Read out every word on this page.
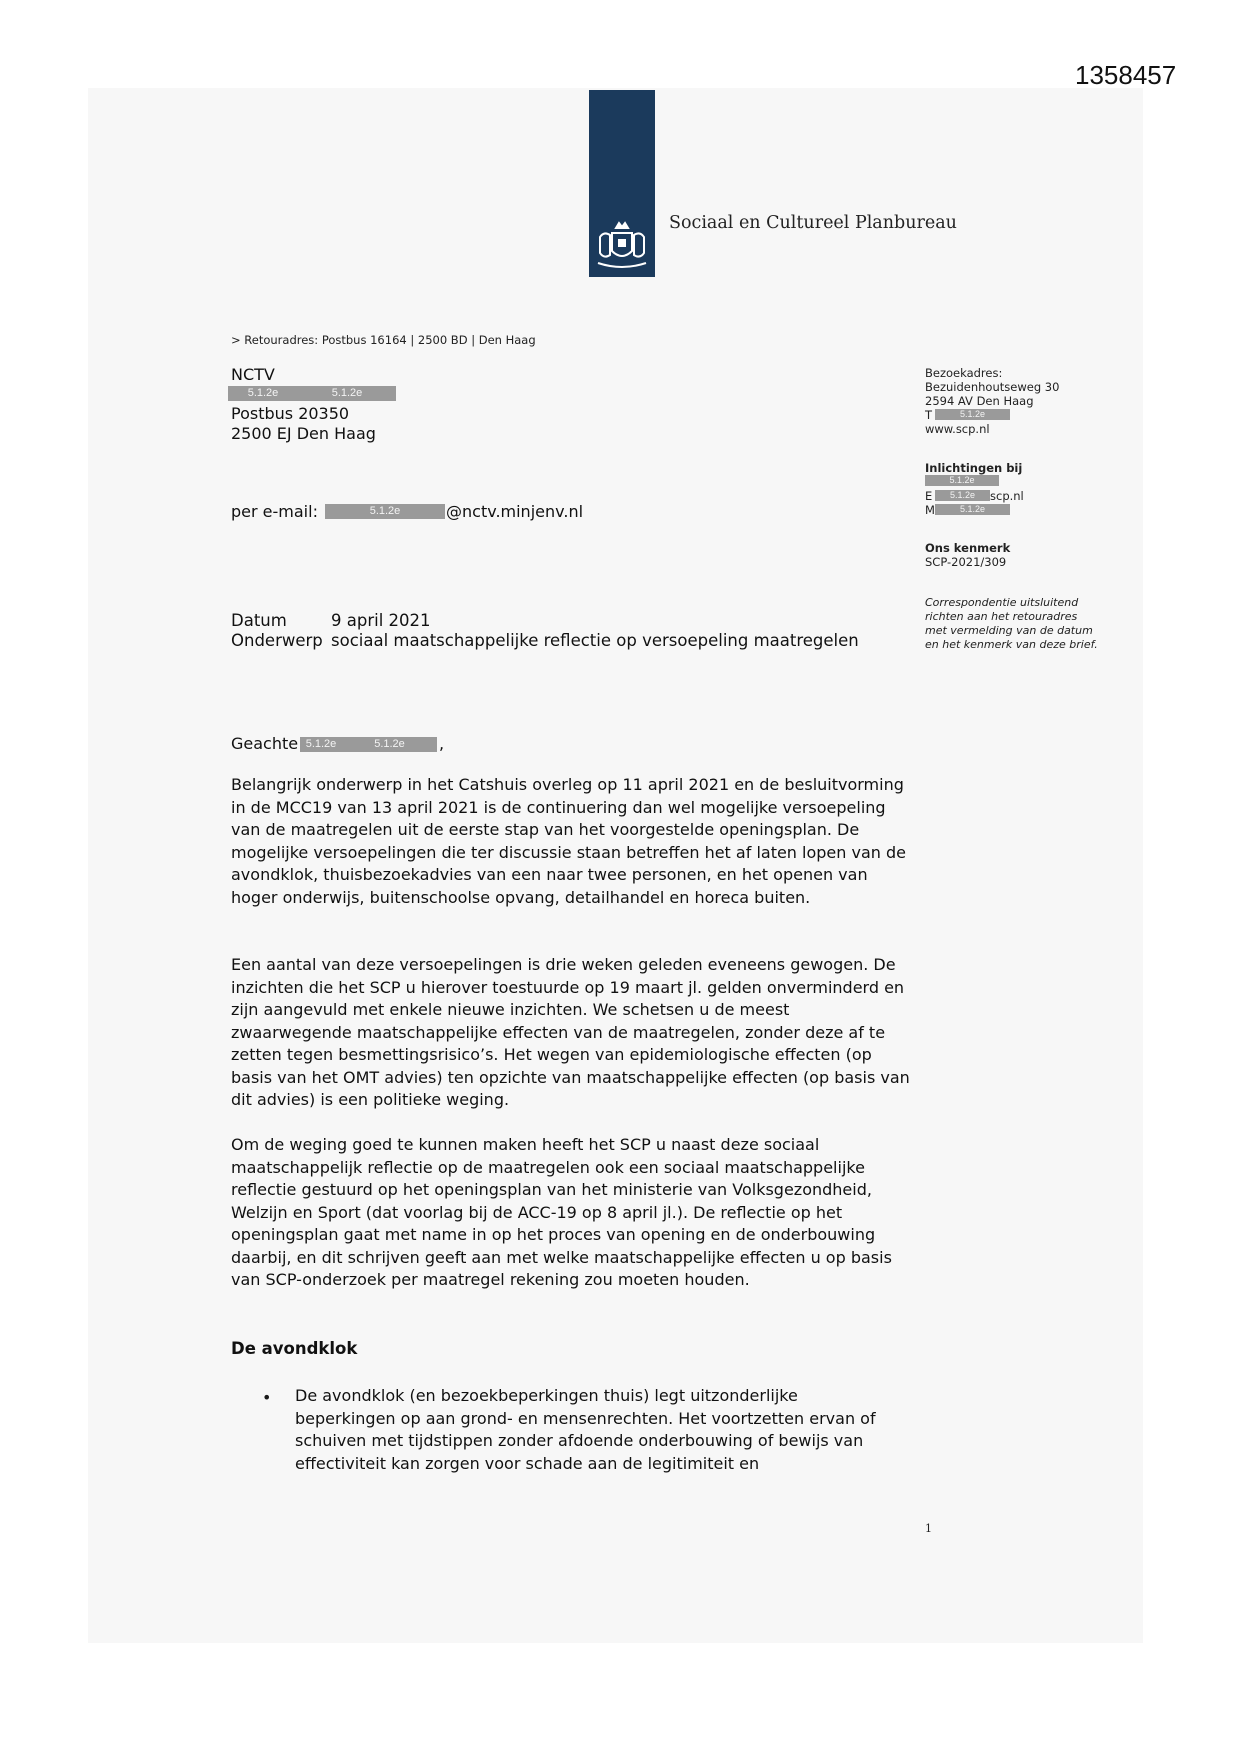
1358457
Sociaal en Cultureel Planbureau
> Retouradres: Postbus 16164 | 2500 BD | Den Haag
NCTV
5.1.2e	5.1.2e
Postbus 20350
2500 EJ Den Haag
per e-mail:	5.1.2e	@nctv.minjenv.nl
Bezoekadres:
Bezuidenhoutseweg 30
2594 AV Den Haag
T	5.1.2e
www.scp.nl
Inlichtingen bij
5.1.2e
E	5.1.2e	scp.nl
M	5.1.2e
Ons kenmerk
SCP-2021/309
Correspondentie uitsluitend richten aan het retouradres met vermelding van de datum en het kenmerk van deze brief.
Datum	9 april 2021
Onderwerp sociaal maatschappelijke reflectie op versoepeling maatregelen
Geachte 5.1.2e	5.1.2e	,
Belangrijk onderwerp in het Catshuis overleg op 11 april 2021 en de besluitvorming in de MCC19 van 13 april 2021 is de continuering dan wel mogelijke versoepeling van de maatregelen uit de eerste stap van het voorgestelde openingsplan. De mogelijke versoepelingen die ter discussie staan betreffen het af laten lopen van de avondklok, thuisbezoekadvies van een naar twee personen, en het openen van hoger onderwijs, buitenschoolse opvang, detailhandel en horeca buiten.
Een aantal van deze versoepelingen is drie weken geleden eveneens gewogen. De inzichten die het SCP u hierover toestuurde op 19 maart jl. gelden onverminderd en zijn aangevuld met enkele nieuwe inzichten. We schetsen u de meest zwaarwegende maatschappelijke effecten van de maatregelen, zonder deze af te zetten tegen besmettingsrisico’s. Het wegen van epidemiologische effecten (op basis van het OMT advies) ten opzichte van maatschappelijke effecten (op basis van dit advies) is een politieke weging.
Om de weging goed te kunnen maken heeft het SCP u naast deze sociaal maatschappelijk reflectie op de maatregelen ook een sociaal maatschappelijke reflectie gestuurd op het openingsplan van het ministerie van Volksgezondheid, Welzijn en Sport (dat voorlag bij de ACC-19 op 8 april jl.). De reflectie op het openingsplan gaat met name in op het proces van opening en de onderbouwing daarbij, en dit schrijven geeft aan met welke maatschappelijke effecten u op basis van SCP-onderzoek per maatregel rekening zou moeten houden.
De avondklok
• De avondklok (en bezoekbeperkingen thuis) legt uitzonderlijke beperkingen op aan grond- en mensenrechten. Het voortzetten ervan of schuiven met tijdstippen zonder afdoende onderbouwing of bewijs van effectiviteit kan zorgen voor schade aan de legitimiteit en
1
